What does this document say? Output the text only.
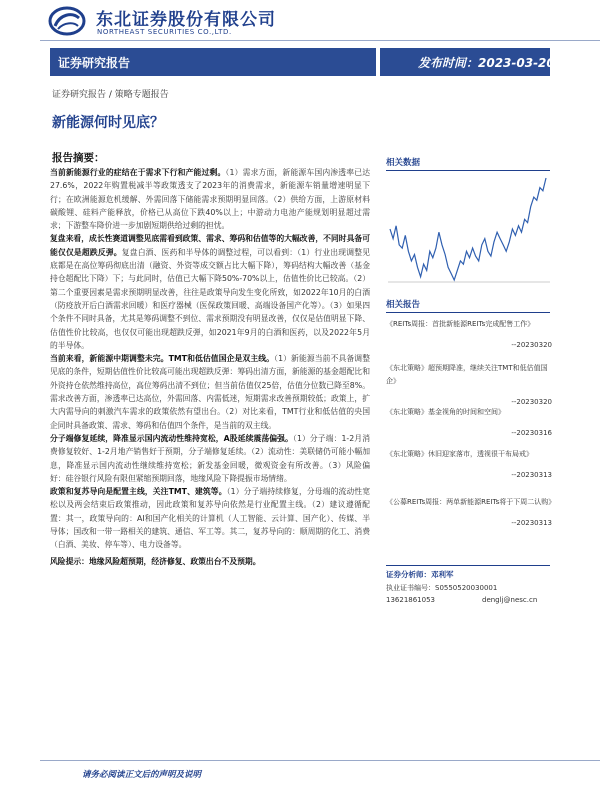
东北证券股份有限公司
NORTHEAST SECURITIES CO.,LTD.
证券研究报告	发布时间：2023-03-20
证券研究报告 / 策略专题报告
新能源何时见底？
报告摘要：

当前新能源行业的症结在于需求下行和产能过剩。（1）需求方面，新能源车国内渗透率已达27.6%，2022年购置税减半等政策透支了2023年的消费需求，新能源车销量增速明显下行；在欧洲能源危机缓解、外需回落下储能需求预期明显回落。（2）供给方面，上游原材料碳酸锂、硅料产能释放，价格已从高位下跌40%以上；中游动力电池产能规划明显超过需求；下游整车降价进一步加剧短期供给过剩的担忧。

复盘来看，成长性赛道调整见底需看到政策、需求、筹码和估值等的大幅改善，不同时具备可能仅仅是超跌反弹。复盘白酒、医药和半导体的调整过程，可以看到：（1）行业出现调整见底都是在高位筹码彻底出清（融资、外资等成交额占比大幅下降），筹码结构大幅改善（基金持仓超配比下降）下；与此同时，估值已大幅下降50%-70%以上，估值性价比已较高。（2）第二个重要因素是需求预期明显改善，往往是政策导向发生变化所致，如2022年10月的白酒（防疫放开后白酒需求回暖）和医疗器械（医保政策回暖、高端设备国产化等）。（3）如果四个条件不同时具备，尤其是筹码调整不到位、需求预期没有明显改善，仅仅是估值明显下降、估值性价比较高，也仅仅可能出现超跌反弹，如2021年9月的白酒和医药，以及2022年5月的半导体。

当前来看，新能源中期调整未完。TMT和低估值国企是双主线。（1）新能源当前不具备调整见底的条件，短期估值性价比较高可能出现超跌反弹：筹码出清方面，新能源的基金超配比和外资持仓依然维持高位，高位筹码出清不到位；但当前估值仅25倍，估值分位数已降至8%。需求改善方面，渗透率已达高位，外需回落、内需低迷，短期需求改善预期较低；政策上，扩大内需导向的刺激汽车需求的政策依然有望出台。（2）对比来看，TMT行业和低估值的央国企同时具备政策、需求、筹码和估值四个条件，是当前的双主线。

分子端修复延续，降准显示国内流动性维持宽松，A股延续震荡偏强。（1）分子端：1-2月消费修复较好、1-2月地产销售好于预期，分子端修复延续。（2）流动性：美联储仍可能小幅加息，降准显示国内流动性继续维持宽松；新发基金回暖，微观资金有所改善。（3）风险偏好：硅谷银行风险有限但紧缩预期回落，地缘风险下降提振市场情绪。

政策和复苏导向是配置主线，关注TMT、建筑等。（1）分子端持续修复，分母端的流动性宽松以及两会结束后政策推动，因此政策和复苏导向依然是行业配置主线。（2）建议遵循配置：其一，政策导向的：AI和国产化相关的计算机（人工智能、云计算、国产化）、传媒、半导体；国改和一带一路相关的建筑、通信、军工等。其二，复苏导向的：顺周期的化工、消费（白酒、美妆、停车等）、电力设备等。

风险提示：地缘风险超预期，经济修复、政策出台不及预期。

相关数据
相关报告
《REITs周报：首批新能源REITs完成配售工作》
--20230320
《东北策略》超预期降准，继续关注TMT和低估值国企》
--20230320
《东北策略》基金视角的时间和空间》
--20230316
《东北策略》休旧迎家落市，透视很干布局戒》
--20230313
《公募REITs周报：两单新能源REITs将于下周二认购》
--20230313
证券分析师：邓利军
执业证书编号：S0550520030001
13621861053	denglj@nesc.cn
请务必阅读正文后的声明及说明
